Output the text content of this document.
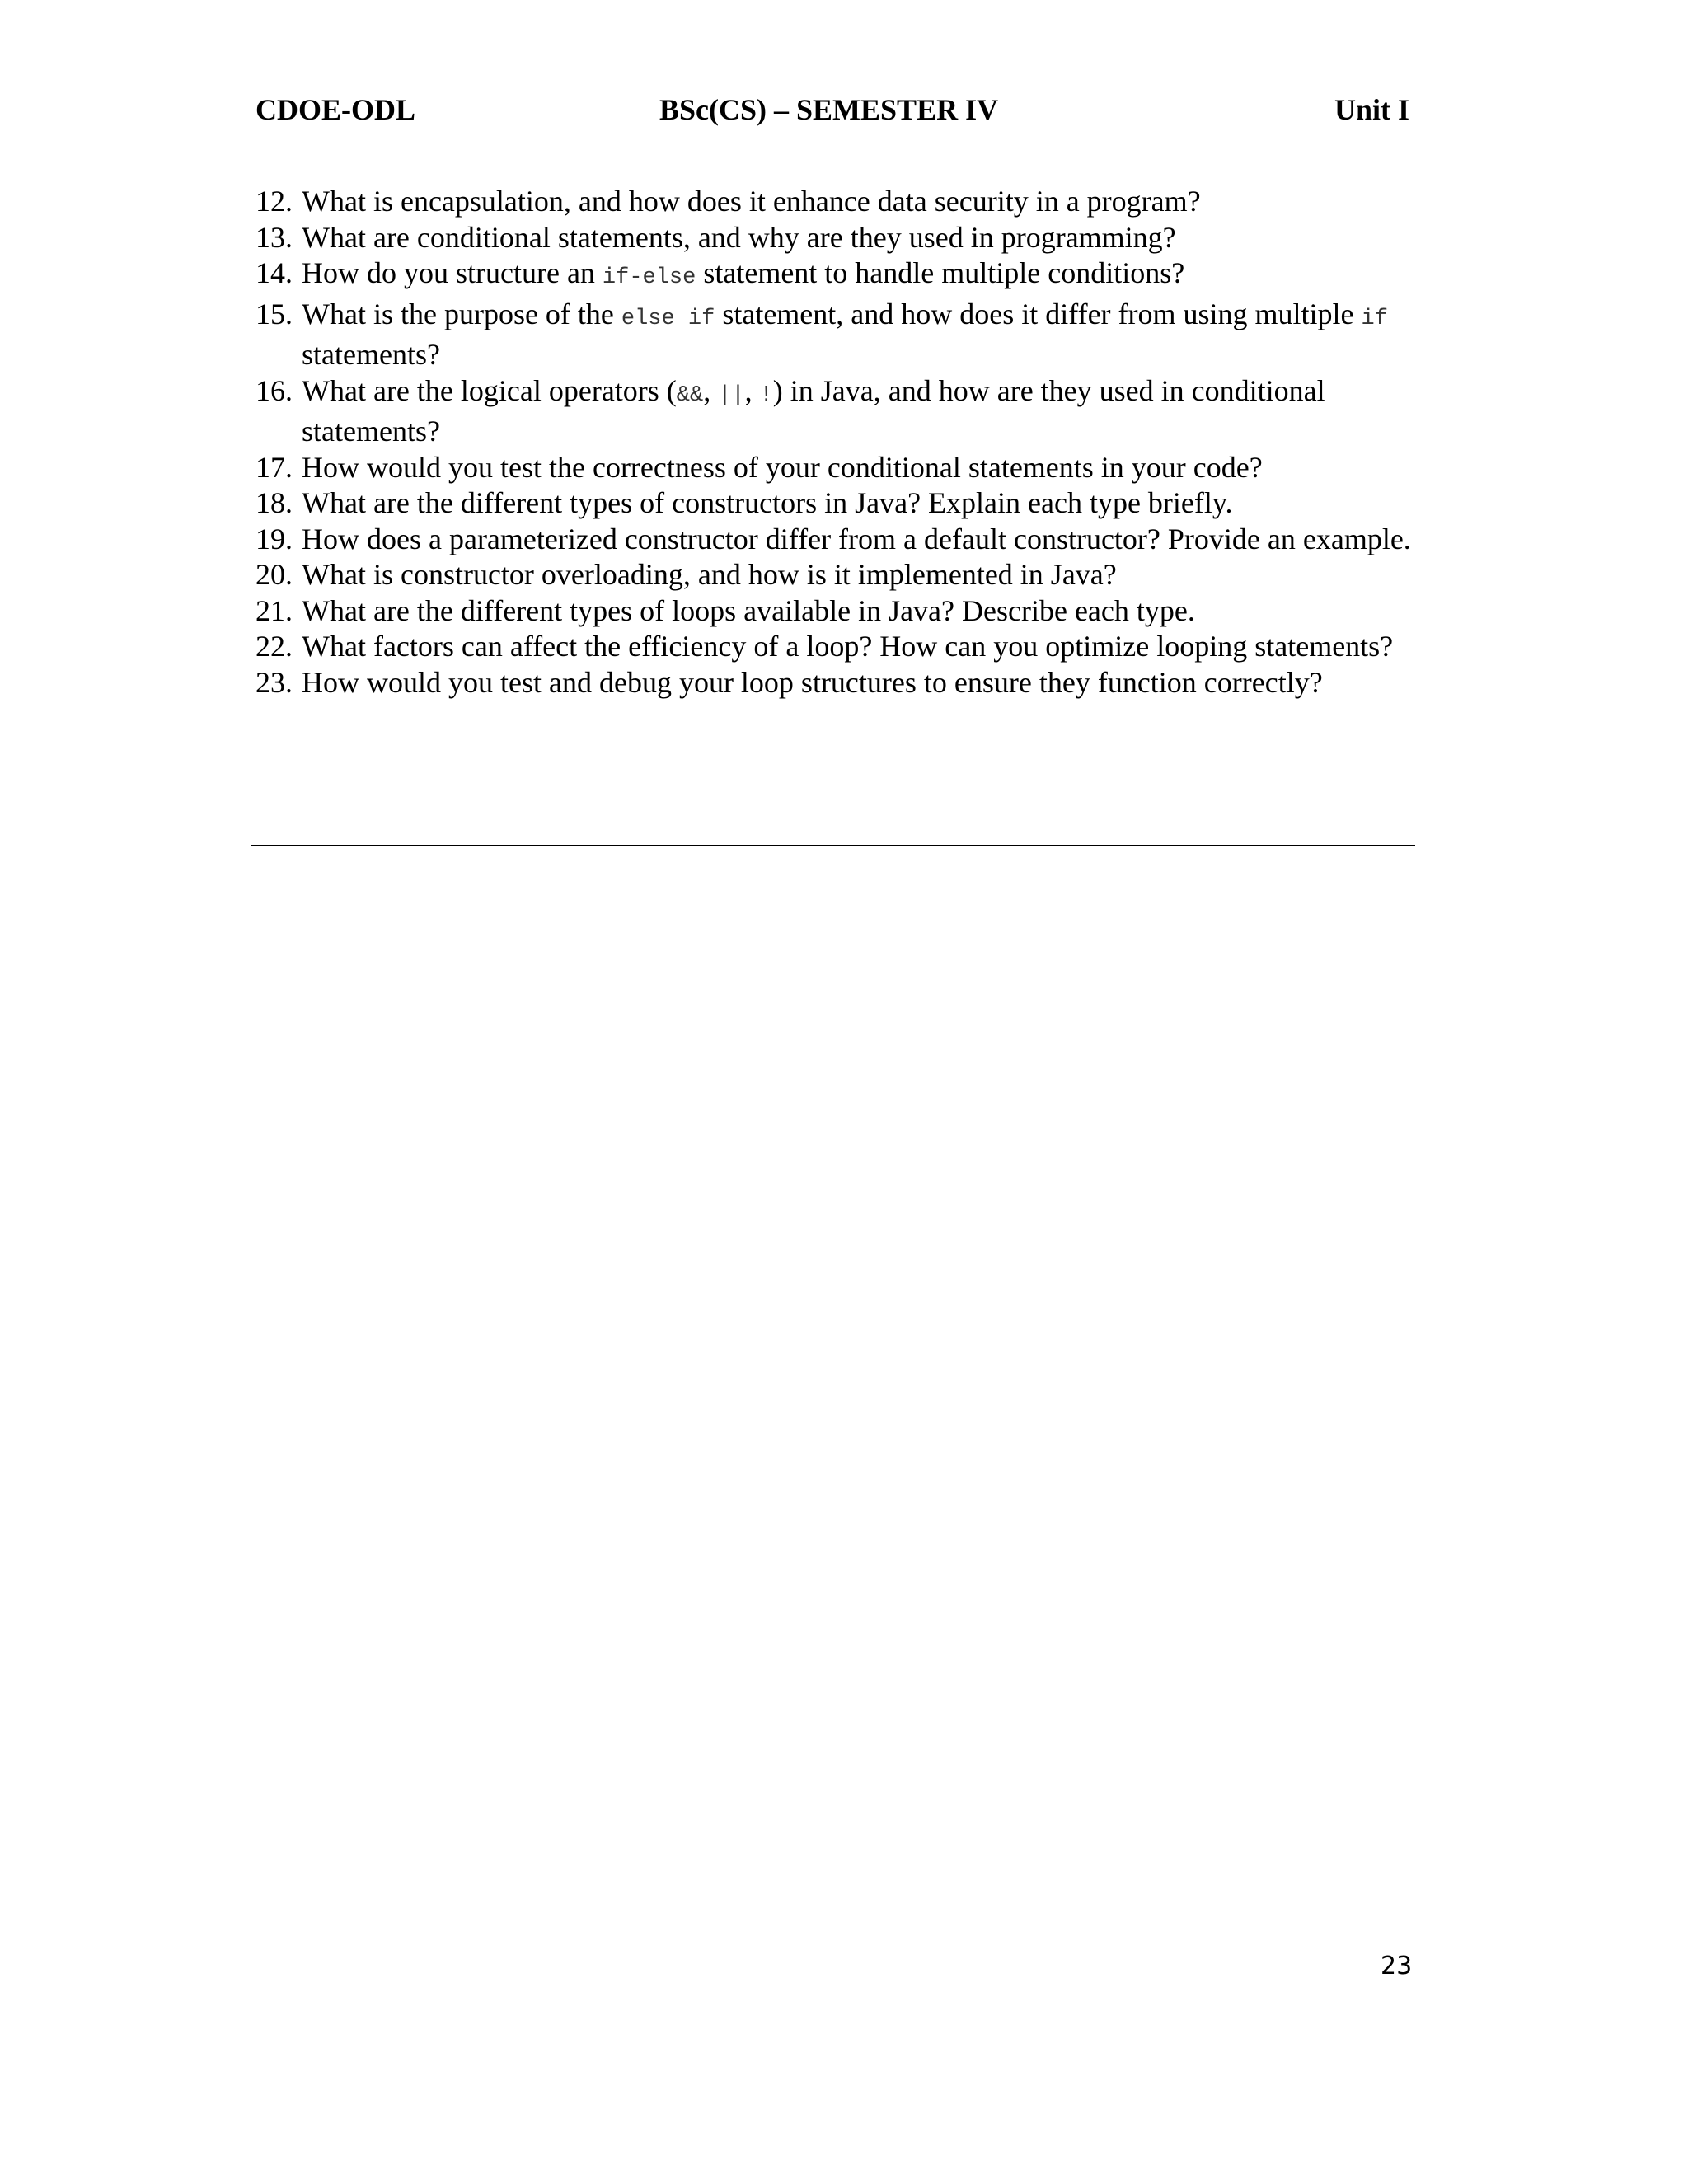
CDOE-ODL	BSc(CS) – SEMESTER IV	Unit I
12. What is encapsulation, and how does it enhance data security in a program?
13. What are conditional statements, and why are they used in programming?
14. How do you structure an if-else statement to handle multiple conditions?
15. What is the purpose of the else if statement, and how does it differ from using multiple if statements?
16. What are the logical operators (&&, ||, !) in Java, and how are they used in conditional statements?
17. How would you test the correctness of your conditional statements in your code?
18. What are the different types of constructors in Java? Explain each type briefly.
19. How does a parameterized constructor differ from a default constructor? Provide an example.
20. What is constructor overloading, and how is it implemented in Java?
21. What are the different types of loops available in Java? Describe each type.
22. What factors can affect the efficiency of a loop? How can you optimize looping statements?
23. How would you test and debug your loop structures to ensure they function correctly?
23
